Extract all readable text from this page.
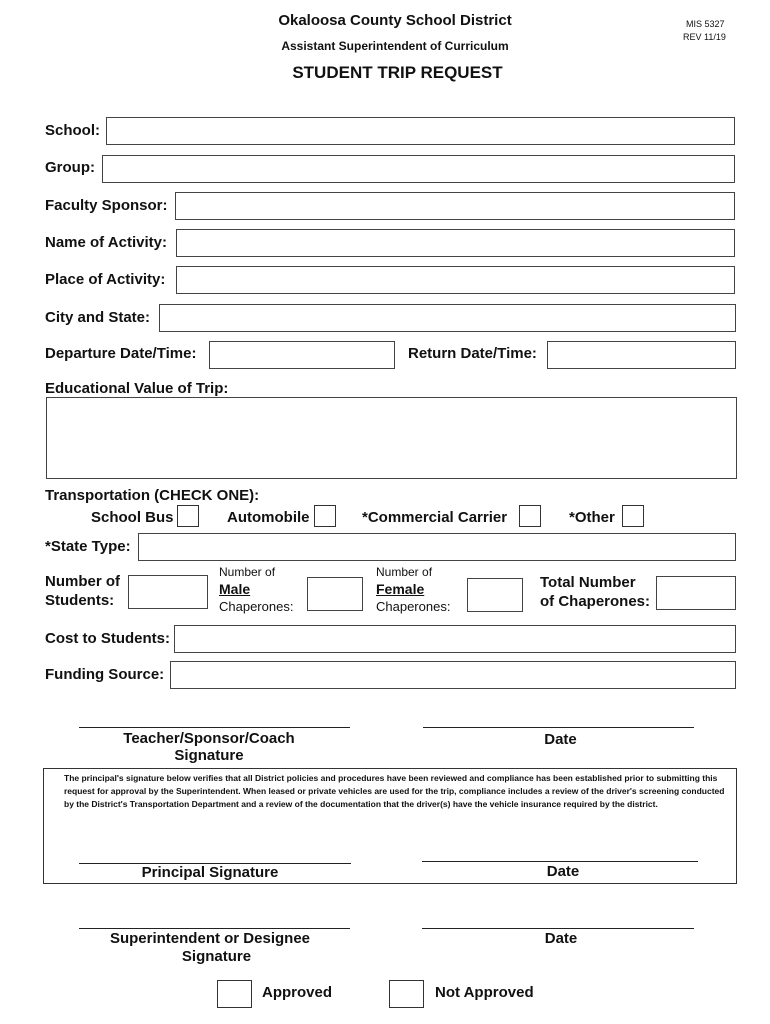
Okaloosa County School District
Assistant Superintendent of Curriculum
STUDENT TRIP REQUEST
MIS 5327
REV 11/19
School:
Group:
Faculty Sponsor:
Name of Activity:
Place of Activity:
City and State:
Departure Date/Time:	Return Date/Time:
Educational Value of Trip:
Transportation (CHECK ONE):
School Bus	Automobile	*Commercial Carrier	*Other
*State Type:
Number of
Students:
Number of
Male
Chaperones:
Number of
Female
Chaperones:
Total Number
of Chaperones:
Cost to Students:
Funding Source:
Teacher/Sponsor/Coach
Signature
Date
The principal's signature below verifies that all District policies and procedures have been reviewed and compliance has been established prior to submitting this request for approval by the Superintendent. When leased or private vehicles are used for the trip, compliance includes a review of the driver's screening conducted by the District's Transportation Department and a review of the documentation that the driver(s) have the vehicle insurance required by the district.
Principal Signature	Date
Superintendent or Designee
Signature
Date
Approved	Not Approved
